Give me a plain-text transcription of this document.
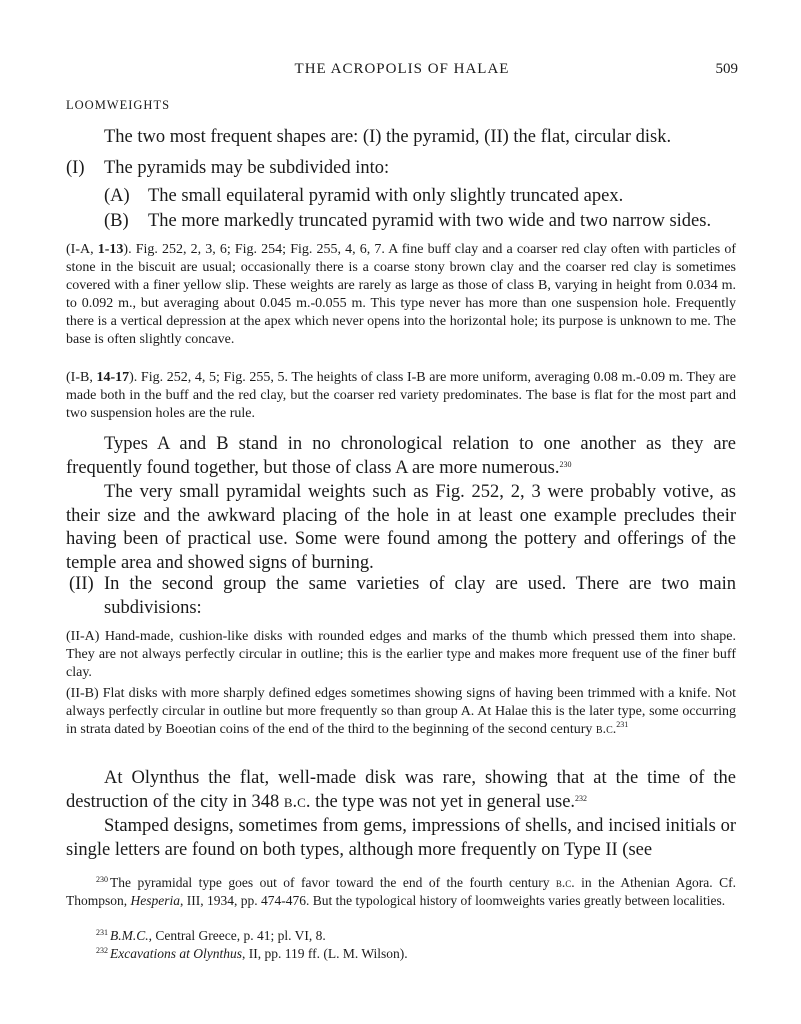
THE ACROPOLIS OF HALAE	509
LOOMWEIGHTS
The two most frequent shapes are: (I) the pyramid, (II) the flat, circular disk.
(I) The pyramids may be subdivided into:
(A) The small equilateral pyramid with only slightly truncated apex.
(B) The more markedly truncated pyramid with two wide and two narrow sides.
(I-A, 1-13). Fig. 252, 2, 3, 6; Fig. 254; Fig. 255, 4, 6, 7. A fine buff clay and a coarser red clay often with particles of stone in the biscuit are usual; occasionally there is a coarse stony brown clay and the coarser red clay is sometimes covered with a finer yellow slip. These weights are rarely as large as those of class B, varying in height from 0.034 m. to 0.092 m., but averaging about 0.045 m.-0.055 m. This type never has more than one suspension hole. Frequently there is a vertical depression at the apex which never opens into the horizontal hole; its purpose is unknown to me. The base is often slightly concave.
(I-B, 14-17). Fig. 252, 4, 5; Fig. 255, 5. The heights of class I-B are more uniform, averaging 0.08 m.-0.09 m. They are made both in the buff and the red clay, but the coarser red variety predominates. The base is flat for the most part and two suspension holes are the rule.
Types A and B stand in no chronological relation to one another as they are frequently found together, but those of class A are more numerous.$^{230}$
The very small pyramidal weights such as Fig. 252, 2, 3 were probably votive, as their size and the awkward placing of the hole in at least one example precludes their having been of practical use. Some were found among the pottery and offerings of the temple area and showed signs of burning.
(II) In the second group the same varieties of clay are used. There are two main subdivisions:
(II-A) Hand-made, cushion-like disks with rounded edges and marks of the thumb which pressed them into shape. They are not always perfectly circular in outline; this is the earlier type and makes more frequent use of the finer buff clay.
(II-B) Flat disks with more sharply defined edges sometimes showing signs of having been trimmed with a knife. Not always perfectly circular in outline but more frequently so than group A. At Halae this is the later type, some occurring in strata dated by Boeotian coins of the end of the third to the beginning of the second century b.c.$^{231}$
At Olynthus the flat, well-made disk was rare, showing that at the time of the destruction of the city in 348 b.c. the type was not yet in general use.$^{232}$
Stamped designs, sometimes from gems, impressions of shells, and incised initials or single letters are found on both types, although more frequently on Type II (see
$^{230}$ The pyramidal type goes out of favor toward the end of the fourth century b.c. in the Athenian Agora. Cf. Thompson, Hesperia, III, 1934, pp. 474-476. But the typological history of loomweights varies greatly between localities.
$^{231}$ B.M.C., Central Greece, p. 41; pl. VI, 8.
$^{232}$ Excavations at Olynthus, II, pp. 119 ff. (L. M. Wilson).
